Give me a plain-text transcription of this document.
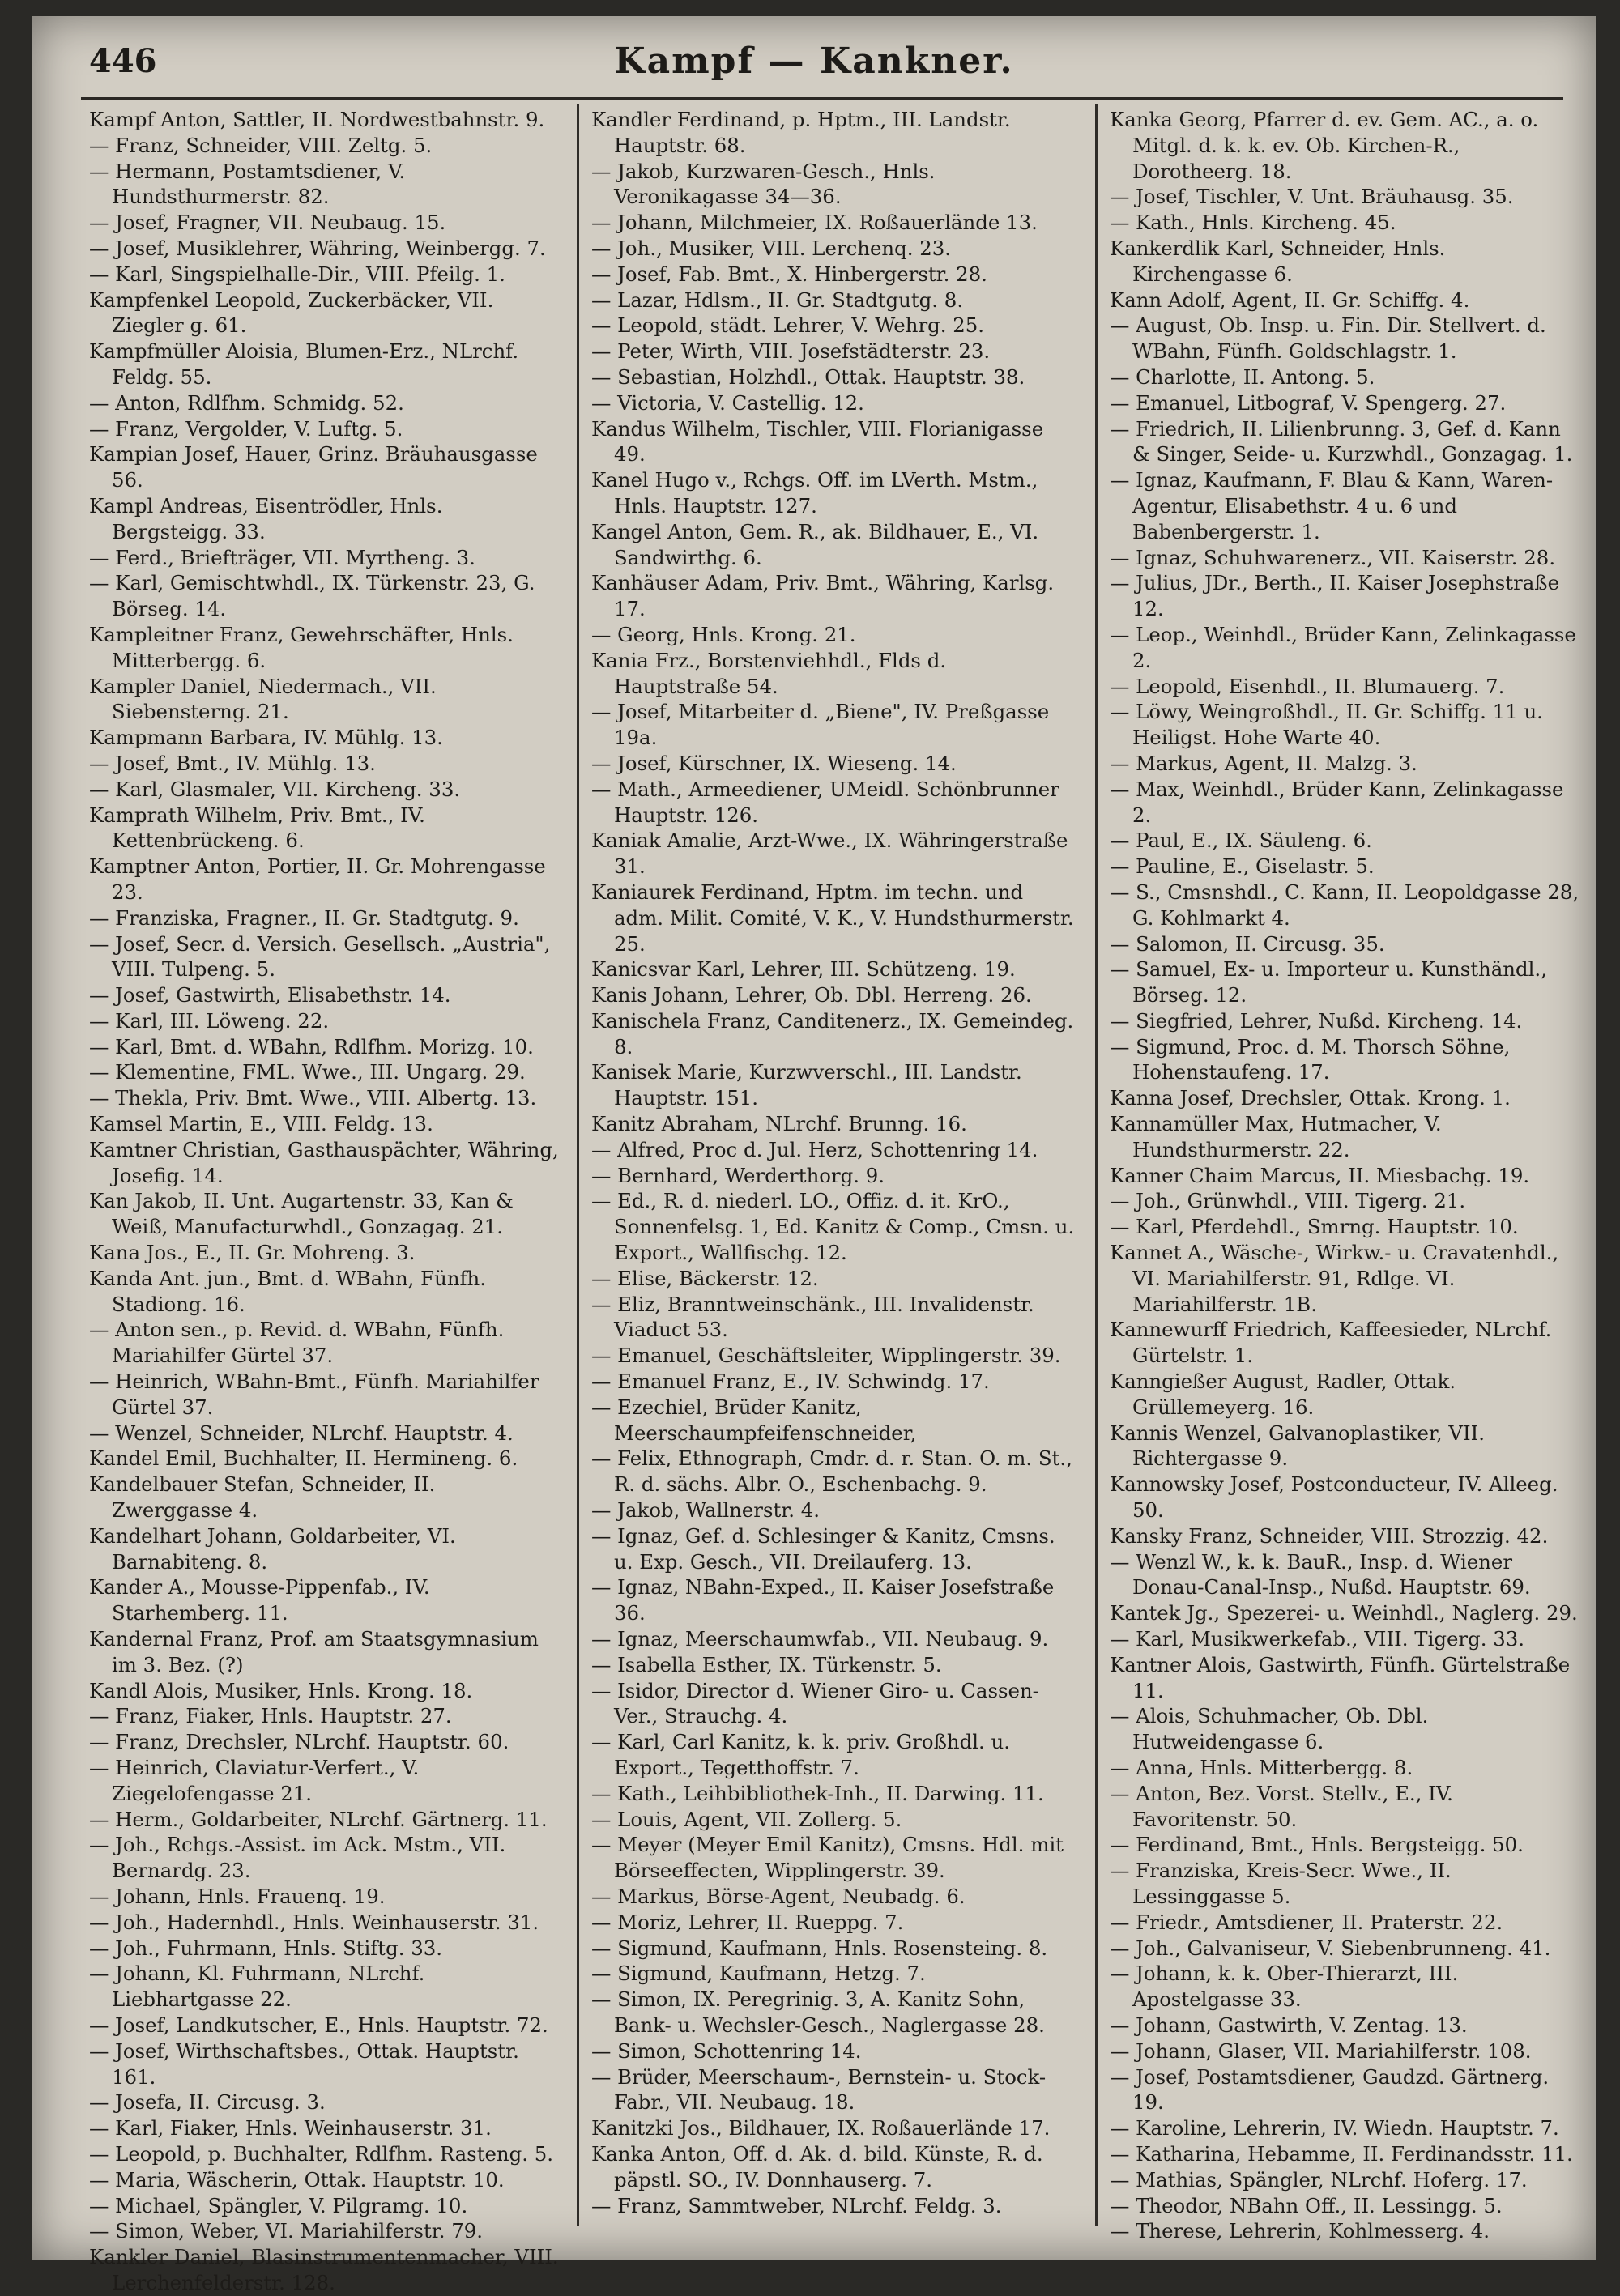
446	Kampf — Kankner.

Kampf Anton, Sattler, II. Nordwestbahnstr. 9.

— Franz, Schneider, VIII. Zeltg. 5.

— Hermann, Postamtsdiener, V. Hundsthurmerstr. 82.

— Josef, Fragner, VII. Neubaug. 15.

— Josef, Musiklehrer, Währing, Weinbergg. 7.

— Karl, Singspielhalle-Dir., VIII. Pfeilg. 1.

Kampfenkel Leopold, Zuckerbäcker, VII. Ziegler g. 61.

Kampfmüller Aloisia, Blumen-Erz., NLrchf. Feldg. 55.

— Anton, Rdlfhm. Schmidg. 52.

— Franz, Vergolder, V. Luftg. 5.

Kampian Josef, Hauer, Grinz. Bräuhausgasse 56.

Kampl Andreas, Eisentrödler, Hnls. Bergsteigg. 33.

— Ferd., Briefträger, VII. Myrtheng. 3.

— Karl, Gemischtwhdl., IX. Türkenstr. 23, G. Börseg. 14.

Kampleitner Franz, Gewehrschäfter, Hnls. Mitterbergg. 6.

Kampler Daniel, Niedermach., VII. Siebensterng. 21.

Kampmann Barbara, IV. Mühlg. 13.

— Josef, Bmt., IV. Mühlg. 13.

— Karl, Glasmaler, VII. Kircheng. 33.

Kamprath Wilhelm, Priv. Bmt., IV. Kettenbrückeng. 6.

Kamptner Anton, Portier, II. Gr. Mohrengasse 23.

— Franziska, Fragner., II. Gr. Stadtgutg. 9.

— Josef, Secr. d. Versich. Gesellsch. „Austria", VIII. Tulpeng. 5.

— Josef, Gastwirth, Elisabethstr. 14.

— Karl, III. Löweng. 22.

— Karl, Bmt. d. WBahn, Rdlfhm. Morizg. 10.

— Klementine, FML. Wwe., III. Ungarg. 29.

— Thekla, Priv. Bmt. Wwe., VIII. Albertg. 13.

Kamsel Martin, E., VIII. Feldg. 13.

Kamtner Christian, Gasthauspächter, Währing, Josefig. 14.

Kan Jakob, II. Unt. Augartenstr. 33, Kan & Weiß, Manufacturwhdl., Gonzagag. 21.

Kana Jos., E., II. Gr. Mohreng. 3.

Kanda Ant. jun., Bmt. d. WBahn, Fünfh. Stadiong. 16.

— Anton sen., p. Revid. d. WBahn, Fünfh. Mariahilfer Gürtel 37.

— Heinrich, WBahn-Bmt., Fünfh. Mariahilfer Gürtel 37.

— Wenzel, Schneider, NLrchf. Hauptstr. 4.

Kandel Emil, Buchhalter, II. Hermineng. 6.

Kandelbauer Stefan, Schneider, II. Zwerggasse 4.

Kandelhart Johann, Goldarbeiter, VI. Barnabiteng. 8.

Kander A., Mousse-Pippenfab., IV. Starhemberg. 11.

Kandernal Franz, Prof. am Staatsgymnasium im 3. Bez. (?)

Kandl Alois, Musiker, Hnls. Krong. 18.

— Franz, Fiaker, Hnls. Hauptstr. 27.

— Franz, Drechsler, NLrchf. Hauptstr. 60.

— Heinrich, Claviatur-Verfert., V. Ziegelofengasse 21.

— Herm., Goldarbeiter, NLrchf. Gärtnerg. 11.

— Joh., Rchgs.-Assist. im Ack. Mstm., VII. Bernardg. 23.

— Johann, Hnls. Frauenq. 19.

— Joh., Hadernhdl., Hnls. Weinhauserstr. 31.

— Joh., Fuhrmann, Hnls. Stiftg. 33.

— Johann, Kl. Fuhrmann, NLrchf. Liebhartgasse 22.

— Josef, Landkutscher, E., Hnls. Hauptstr. 72.

— Josef, Wirthschaftsbes., Ottak. Hauptstr. 161.

— Josefa, II. Circusg. 3.

— Karl, Fiaker, Hnls. Weinhauserstr. 31.

— Leopold, p. Buchhalter, Rdlfhm. Rasteng. 5.

— Maria, Wäscherin, Ottak. Hauptstr. 10.

— Michael, Spängler, V. Pilgramg. 10.

— Simon, Weber, VI. Mariahilferstr. 79.

Kankler Daniel, Blasinstrumentenmacher, VIII. Lerchenfelderstr. 128.

Kandler Ferdinand, p. Hptm., III. Landstr. Hauptstr. 68.

— Jakob, Kurzwaren-Gesch., Hnls. Veronikagasse 34—36.

— Johann, Milchmeier, IX. Roßauerlände 13.

— Joh., Musiker, VIII. Lerchenq. 23.

— Josef, Fab. Bmt., X. Hinbergerstr. 28.

— Lazar, Hdlsm., II. Gr. Stadtgutg. 8.

— Leopold, städt. Lehrer, V. Wehrg. 25.

— Peter, Wirth, VIII. Josefstädterstr. 23.

— Sebastian, Holzhdl., Ottak. Hauptstr. 38.

— Victoria, V. Castellig. 12.

Kandus Wilhelm, Tischler, VIII. Florianigasse 49.

Kanel Hugo v., Rchgs. Off. im LVerth. Mstm., Hnls. Hauptstr. 127.

Kangel Anton, Gem. R., ak. Bildhauer, E., VI. Sandwirthg. 6.

Kanhäuser Adam, Priv. Bmt., Währing, Karlsg. 17.

— Georg, Hnls. Krong. 21.

Kania Frz., Borstenviehhdl., Flds d. Hauptstraße 54.

— Josef, Mitarbeiter d. „Biene", IV. Preßgasse 19a.

— Josef, Kürschner, IX. Wieseng. 14.

— Math., Armeediener, UMeidl. Schönbrunner Hauptstr. 126.

Kaniak Amalie, Arzt-Wwe., IX. Währingerstraße 31.

Kaniaurek Ferdinand, Hptm. im techn. und adm. Milit. Comité, V. K., V. Hundsthurmerstr. 25.

Kanicsvar Karl, Lehrer, III. Schützeng. 19.

Kanis Johann, Lehrer, Ob. Dbl. Herreng. 26.

Kanischela Franz, Canditenerz., IX. Gemeindeg. 8.

Kanisek Marie, Kurzwverschl., III. Landstr. Hauptstr. 151.

Kanitz Abraham, NLrchf. Brunng. 16.

— Alfred, Proc d. Jul. Herz, Schottenring 14.

— Bernhard, Werderthorg. 9.

— Ed., R. d. niederl. LO., Offiz. d. it. KrO., Sonnenfelsg. 1, Ed. Kanitz & Comp., Cmsn. u. Export., Wallfischg. 12.

— Elise, Bäckerstr. 12.

— Eliz, Branntweinschänk., III. Invalidenstr. Viaduct 53.

— Emanuel, Geschäftsleiter, Wipplingerstr. 39.

— Emanuel Franz, E., IV. Schwindg. 17.

— Ezechiel, Brüder Kanitz, Meerschaumpfeifenschneider,

— Felix, Ethnograph, Cmdr. d. r. Stan. O. m. St., R. d. sächs. Albr. O., Eschenbachg. 9.

— Jakob, Wallnerstr. 4.

— Ignaz, Gef. d. Schlesinger & Kanitz, Cmsns. u. Exp. Gesch., VII. Dreilauferg. 13.

— Ignaz, NBahn-Exped., II. Kaiser Josefstraße 36.

— Ignaz, Meerschaumwfab., VII. Neubaug. 9.

— Isabella Esther, IX. Türkenstr. 5.

— Isidor, Director d. Wiener Giro- u. Cassen-Ver., Strauchg. 4.

— Karl, Carl Kanitz, k. k. priv. Großhdl. u. Export., Tegetthoffstr. 7.

— Kath., Leihbibliothek-Inh., II. Darwing. 11.

— Louis, Agent, VII. Zollerg. 5.

— Meyer (Meyer Emil Kanitz), Cmsns. Hdl. mit Börseeffecten, Wipplingerstr. 39.

— Markus, Börse-Agent, Neubadg. 6.

— Moriz, Lehrer, II. Rueppg. 7.

— Sigmund, Kaufmann, Hnls. Rosensteing. 8.

— Sigmund, Kaufmann, Hetzg. 7.

— Simon, IX. Peregrinig. 3, A. Kanitz Sohn, Bank- u. Wechsler-Gesch., Naglergasse 28.

— Simon, Schottenring 14.

— Brüder, Meerschaum-, Bernstein- u. Stock-Fabr., VII. Neubaug. 18.

Kanitzki Jos., Bildhauer, IX. Roßauerlände 17.

Kanka Anton, Off. d. Ak. d. bild. Künste, R. d. päpstl. SO., IV. Donnhauserg. 7.

— Franz, Sammtweber, NLrchf. Feldg. 3.

Kanka Georg, Pfarrer d. ev. Gem. AC., a. o. Mitgl. d. k. k. ev. Ob. Kirchen-R., Dorotheerg. 18.

— Josef, Tischler, V. Unt. Bräuhausg. 35.

— Kath., Hnls. Kircheng. 45.

Kankerdlik Karl, Schneider, Hnls. Kirchengasse 6.

Kann Adolf, Agent, II. Gr. Schiffg. 4.

— August, Ob. Insp. u. Fin. Dir. Stellvert. d. WBahn, Fünfh. Goldschlagstr. 1.

— Charlotte, II. Antong. 5.

— Emanuel, Litbograf, V. Spengerg. 27.

— Friedrich, II. Lilienbrunng. 3, Gef. d. Kann & Singer, Seide- u. Kurzwhdl., Gonzagag. 1.

— Ignaz, Kaufmann, F. Blau & Kann, Waren-Agentur, Elisabethstr. 4 u. 6 und Babenbergerstr. 1.

— Ignaz, Schuhwarenerz., VII. Kaiserstr. 28.

— Julius, JDr., Berth., II. Kaiser Josephstraße 12.

— Leop., Weinhdl., Brüder Kann, Zelinkagasse 2.

— Leopold, Eisenhdl., II. Blumauerg. 7.

— Löwy, Weingroßhdl., II. Gr. Schiffg. 11 u. Heiligst. Hohe Warte 40.

— Markus, Agent, II. Malzg. 3.

— Max, Weinhdl., Brüder Kann, Zelinkagasse 2.

— Paul, E., IX. Säuleng. 6.

— Pauline, E., Giselastr. 5.

— S., Cmsnshdl., C. Kann, II. Leopoldgasse 28, G. Kohlmarkt 4.

— Salomon, II. Circusg. 35.

— Samuel, Ex- u. Importeur u. Kunsthändl., Börseg. 12.

— Siegfried, Lehrer, Nußd. Kircheng. 14.

— Sigmund, Proc. d. M. Thorsch Söhne, Hohenstaufeng. 17.

Kanna Josef, Drechsler, Ottak. Krong. 1.

Kannamüller Max, Hutmacher, V. Hundsthurmerstr. 22.

Kanner Chaim Marcus, II. Miesbachg. 19.

— Joh., Grünwhdl., VIII. Tigerg. 21.

— Karl, Pferdehdl., Smrng. Hauptstr. 10.

Kannet A., Wäsche-, Wirkw.- u. Cravatenhdl., VI. Mariahilferstr. 91, Rdlge. VI. Mariahilferstr. 1B.

Kannewurff Friedrich, Kaffeesieder, NLrchf. Gürtelstr. 1.

Kanngießer August, Radler, Ottak. Grüllemeyerg. 16.

Kannis Wenzel, Galvanoplastiker, VII. Richtergasse 9.

Kannowsky Josef, Postconducteur, IV. Alleeg. 50.

Kansky Franz, Schneider, VIII. Strozzig. 42.

— Wenzl W., k. k. BauR., Insp. d. Wiener Donau-Canal-Insp., Nußd. Hauptstr. 69.

Kantek Jg., Spezerei- u. Weinhdl., Naglerg. 29.

— Karl, Musikwerkefab., VIII. Tigerg. 33.

Kantner Alois, Gastwirth, Fünfh. Gürtelstraße 11.

— Alois, Schuhmacher, Ob. Dbl. Hutweidengasse 6.

— Anna, Hnls. Mitterbergg. 8.

— Anton, Bez. Vorst. Stellv., E., IV. Favoritenstr. 50.

— Ferdinand, Bmt., Hnls. Bergsteigg. 50.

— Franziska, Kreis-Secr. Wwe., II. Lessinggasse 5.

— Friedr., Amtsdiener, II. Praterstr. 22.

— Joh., Galvaniseur, V. Siebenbrunneng. 41.

— Johann, k. k. Ober-Thierarzt, III. Apostelgasse 33.

— Johann, Gastwirth, V. Zentag. 13.

— Johann, Glaser, VII. Mariahilferstr. 108.

— Josef, Postamtsdiener, Gaudzd. Gärtnerg. 19.

— Karoline, Lehrerin, IV. Wiedn. Hauptstr. 7.

— Katharina, Hebamme, II. Ferdinandsstr. 11.

— Mathias, Spängler, NLrchf. Hoferg. 17.

— Theodor, NBahn Off., II. Lessingg. 5.

— Therese, Lehrerin, Kohlmesserg. 4.
